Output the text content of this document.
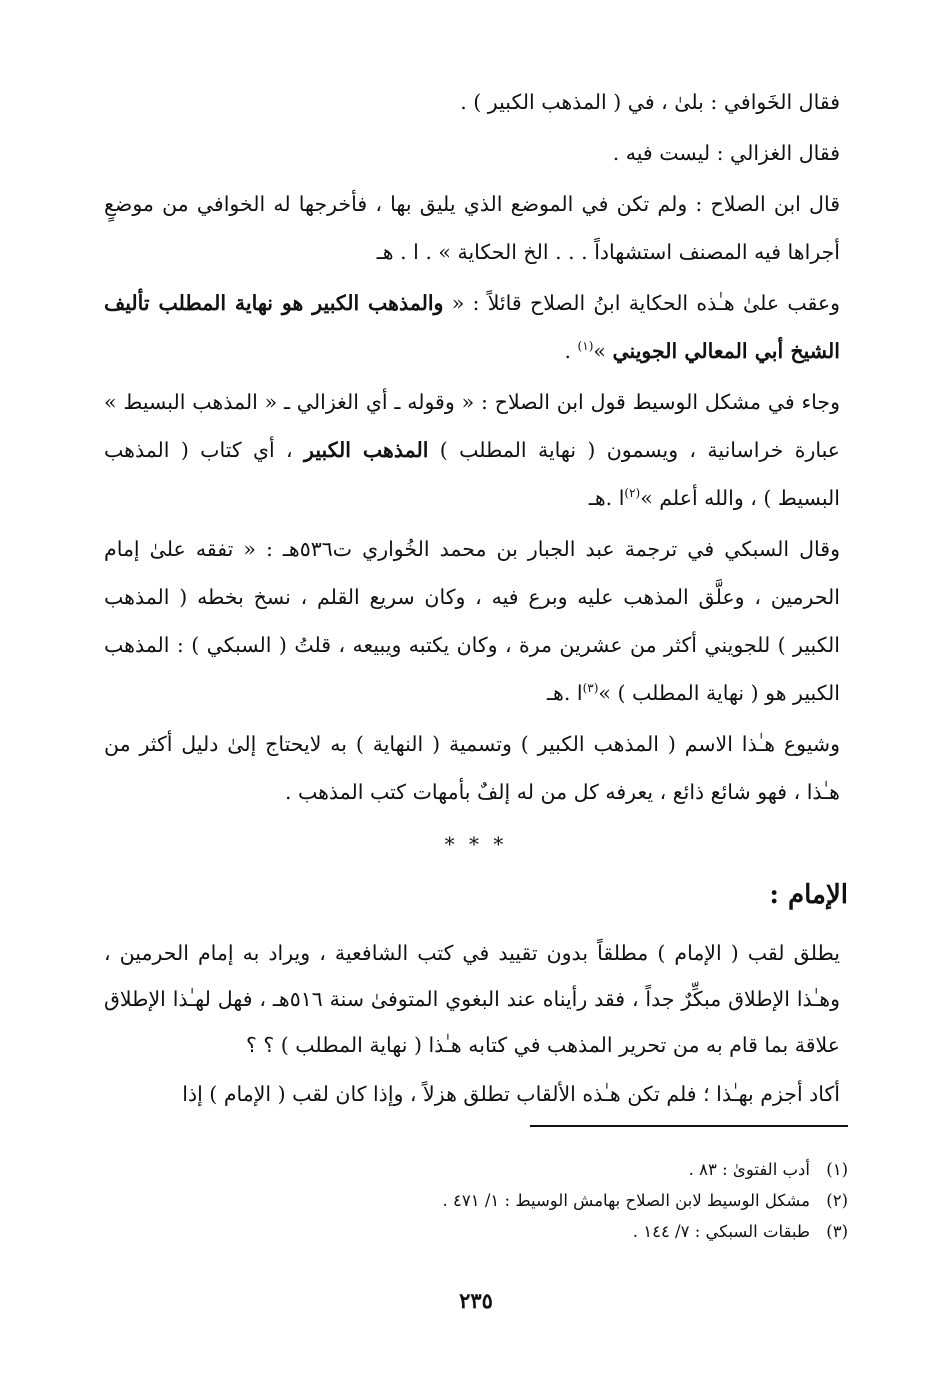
فقال الخَوافي : بلىٰ ، في ( المذهب الكبير ) .

فقال الغزالي : ليست فيه .

قال ابن الصلاح : ولم تكن في الموضع الذي يليق بها ، فأخرجها له الخوافي من موضعٍ أجراها فيه المصنف استشهاداً . . . الخ الحكاية » . ا . هـ

وعقب علىٰ هـٰذه الحكاية ابنُ الصلاح قائلاً : « والمذهب الكبير هو نهاية المطلب تأليف الشيخ أبي المعالي الجويني »$^{(١)}$ .

وجاء في مشكل الوسيط قول ابن الصلاح : « وقوله ـ أي الغزالي ـ « المذهب البسيط » عبارة خراسانية ، ويسمون ( نهاية المطلب ) المذهب الكبير ، أي كتاب ( المذهب البسيط ) ، والله أعلم »$^{(٢)}$ا .هـ

وقال السبكي في ترجمة عبد الجبار بن محمد الخُواري ت٥٣٦هـ : « تفقه علىٰ إمام الحرمين ، وعلَّق المذهب عليه وبرع فيه ، وكان سريع القلم ، نسخ بخطه ( المذهب الكبير ) للجويني أكثر من عشرين مرة ، وكان يكتبه ويبيعه ، قلتُ ( السبكي ) : المذهب الكبير هو ( نهاية المطلب ) »$^{(٣)}$ا .هـ

وشيوع هـٰذا الاسم ( المذهب الكبير ) وتسمية ( النهاية ) به لايحتاج إلىٰ دليل أكثر من هـٰذا ، فهو شائع ذائع ، يعرفه كل من له إلفٌ بأمهات كتب المذهب .

* * *
الإمام :

يطلق لقب ( الإمام ) مطلقاً بدون تقييد في كتب الشافعية ، ويراد به إمام الحرمين ، وهـٰذا الإطلاق مبكِّرٌ جداً ، فقد رأيناه عند البغوي المتوفىٰ سنة ٥١٦هـ ، فهل لهـٰذا الإطلاق علاقة بما قام به من تحرير المذهب في كتابه هـٰذا ( نهاية المطلب ) ؟ ؟

أكاد أجزم بهـٰذا ؛ فلم تكن هـٰذه الألقاب تطلق هزلاً ، وإذا كان لقب ( الإمام ) إذا

(١)أدب الفتوىٰ : ٨٣ .
(٢)مشكل الوسيط لابن الصلاح بهامش الوسيط : ١/ ٤٧١ .
(٣)طبقات السبكي : ٧/ ١٤٤ .
٢٣٥
